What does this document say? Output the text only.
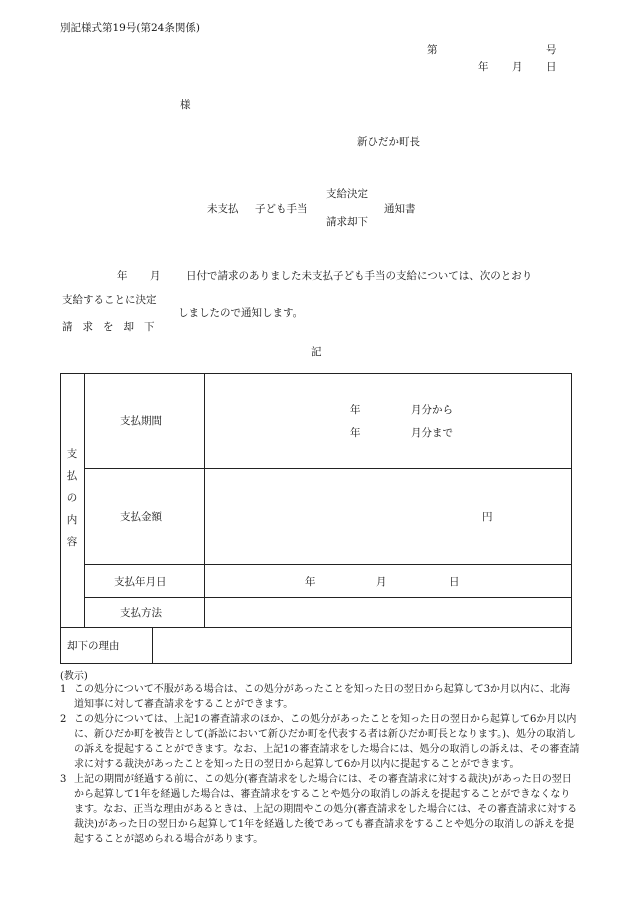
別記様式第19号(第24条関係)
第	号
年 月 日
様
新ひだか町長
未支払 子ども手当
支給決定
請求却下
通知書
年 月 日付で請求のありました未支払子ども手当の支給については、次のとおり
支給することに決定
請求を却下
しましたので通知します。
記
支
払
の
内
容
支払期間
年	月分から
年	月分まで
支払金額	円
支払年月日	年	月	日
支払方法
却下の理由
(教示)

1 この処分について不服がある場合は、この処分があったことを知った日の翌日から起算して3か月以内に、北海道知事に対して審査請求をすることができます。

2 この処分については、上記1の審査請求のほか、この処分があったことを知った日の翌日から起算して6か月以内に、新ひだか町を被告として(訴訟において新ひだか町を代表する者は新ひだか町長となります。)、処分の取消しの訴えを提起することができます。なお、上記1の審査請求をした場合には、処分の取消しの訴えは、その審査請求に対する裁決があったことを知った日の翌日から起算して6か月以内に提起することができます。

3 上記の期間が経過する前に、この処分(審査請求をした場合には、その審査請求に対する裁決)があった日の翌日から起算して1年を経過した場合は、審査請求をすることや処分の取消しの訴えを提起することができなくなります。なお、正当な理由があるときは、上記の期間やこの処分(審査請求をした場合には、その審査請求に対する裁決)があった日の翌日から起算して1年を経過した後であっても審査請求をすることや処分の取消しの訴えを提起することが認められる場合があります。
